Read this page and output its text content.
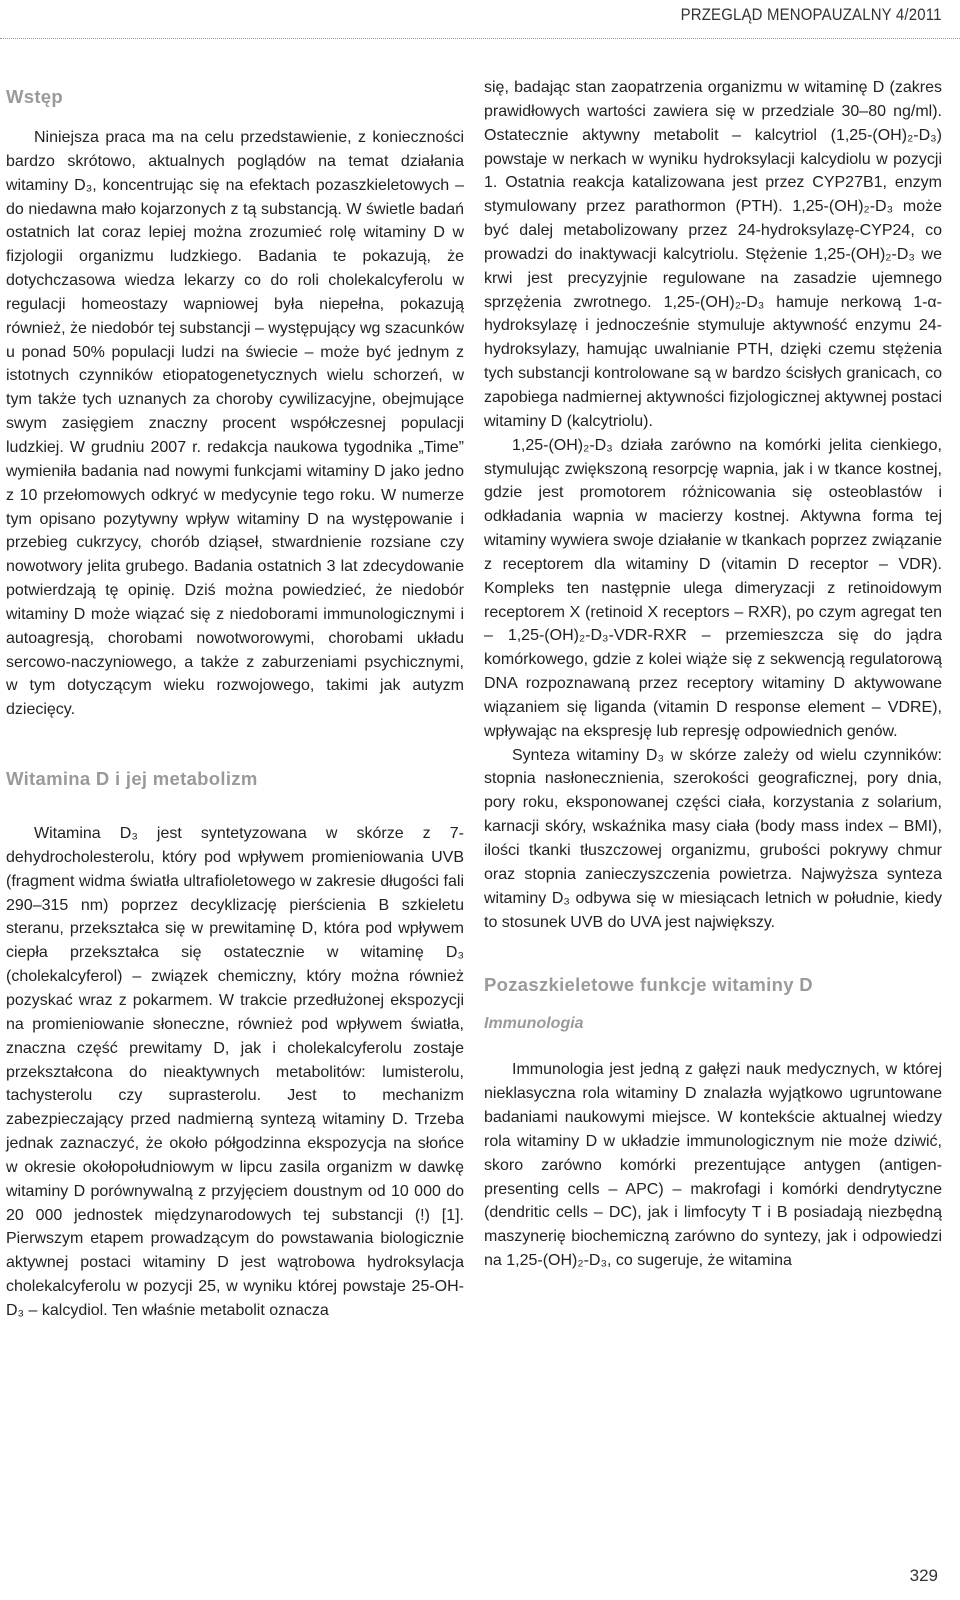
PRZEGLĄD MENOPAUZALNY 4/2011
Wstęp

Niniejsza praca ma na celu przedstawienie, z konieczności bardzo skrótowo, aktualnych poglądów na temat działania witaminy D₃, koncentrując się na efektach pozaszkieletowych – do niedawna mało kojarzonych z tą substancją. W świetle badań ostatnich lat coraz lepiej można zrozumieć rolę witaminy D w fizjologii organizmu ludzkiego. Badania te pokazują, że dotychczasowa wiedza lekarzy co do roli cholekalcyferolu w regulacji homeostazy wapniowej była niepełna, pokazują również, że niedobór tej substancji – występujący wg szacunków u ponad 50% populacji ludzi na świecie – może być jednym z istotnych czynników etiopatogenetycznych wielu schorzeń, w tym także tych uznanych za choroby cywilizacyjne, obejmujące swym zasięgiem znaczny procent współczesnej populacji ludzkiej. W grudniu 2007 r. redakcja naukowa tygodnika „Time” wymieniła badania nad nowymi funkcjami witaminy D jako jedno z 10 przełomowych odkryć w medycynie tego roku. W numerze tym opisano pozytywny wpływ witaminy D na występowanie i przebieg cukrzycy, chorób dziąseł, stwardnienie rozsiane czy nowotwory jelita grubego. Badania ostatnich 3 lat zdecydowanie potwierdzają tę opinię. Dziś można powiedzieć, że niedobór witaminy D może wiązać się z niedoborami immunologicznymi i autoagresją, chorobami nowotworowymi, chorobami układu sercowo-naczyniowego, a także z zaburzeniami psychicznymi, w tym dotyczącym wieku rozwojowego, takimi jak autyzm dziecięcy.

Witamina D i jej metabolizm

Witamina D₃ jest syntetyzowana w skórze z 7-dehydrocholesterolu, który pod wpływem promieniowania UVB (fragment widma światła ultrafioletowego w zakresie długości fali 290–315 nm) poprzez decyklizację pierścienia B szkieletu steranu, przekształca się w prewitaminę D, która pod wpływem ciepła przekształca się ostatecznie w witaminę D₃ (cholekalcyferol) – związek chemiczny, który można również pozyskać wraz z pokarmem. W trakcie przedłużonej ekspozycji na promieniowanie słoneczne, również pod wpływem światła, znaczna część prewitamy D, jak i cholekalcyferolu zostaje przekształcona do nieaktywnych metabolitów: lumisterolu, tachysterolu czy suprasterolu. Jest to mechanizm zabezpieczający przed nadmierną syntezą witaminy D. Trzeba jednak zaznaczyć, że około półgodzinna ekspozycja na słońce w okresie okołopołudniowym w lipcu zasila organizm w dawkę witaminy D porównywalną z przyjęciem doustnym od 10 000 do 20 000 jednostek międzynarodowych tej substancji (!) [1]. Pierwszym etapem prowadzącym do powstawania biologicznie aktywnej postaci witaminy D jest wątrobowa hydroksylacja cholekalcyferolu w pozycji 25, w wyniku której powstaje 25-OH-D₃ – kalcydiol. Ten właśnie metabolit oznacza

się, badając stan zaopatrzenia organizmu w witaminę D (zakres prawidłowych wartości zawiera się w przedziale 30–80 ng/ml). Ostatecznie aktywny metabolit – kalcytriol (1,25-(OH)₂-D₃) powstaje w nerkach w wyniku hydroksylacji kalcydiolu w pozycji 1. Ostatnia reakcja katalizowana jest przez CYP27B1, enzym stymulowany przez parathormon (PTH). 1,25-(OH)₂-D₃ może być dalej metabolizowany przez 24-hydroksylazę-CYP24, co prowadzi do inaktywacji kalcytriolu. Stężenie 1,25-(OH)₂-D₃ we krwi jest precyzyjnie regulowane na zasadzie ujemnego sprzężenia zwrotnego. 1,25-(OH)₂-D₃ hamuje nerkową 1-α-hydroksylazę i jednocześnie stymuluje aktywność enzymu 24-hydroksylazy, hamując uwalnianie PTH, dzięki czemu stężenia tych substancji kontrolowane są w bardzo ścisłych granicach, co zapobiega nadmiernej aktywności fizjologicznej aktywnej postaci witaminy D (kalcytriolu).

1,25-(OH)₂-D₃ działa zarówno na komórki jelita cienkiego, stymulując zwiększoną resorpcję wapnia, jak i w tkance kostnej, gdzie jest promotorem różnicowania się osteoblastów i odkładania wapnia w macierzy kostnej. Aktywna forma tej witaminy wywiera swoje działanie w tkankach poprzez związanie z receptorem dla witaminy D (vitamin D receptor – VDR). Kompleks ten następnie ulega dimeryzacji z retinoidowym receptorem X (retinoid X receptors – RXR), po czym agregat ten – 1,25-(OH)₂-D₃-VDR-RXR – przemieszcza się do jądra komórkowego, gdzie z kolei wiąże się z sekwencją regulatorową DNA rozpoznawaną przez receptory witaminy D aktywowane wiązaniem się liganda (vitamin D response element – VDRE), wpływając na ekspresję lub represję odpowiednich genów.

Synteza witaminy D₃ w skórze zależy od wielu czynników: stopnia nasłonecznienia, szerokości geograficznej, pory dnia, pory roku, eksponowanej części ciała, korzystania z solarium, karnacji skóry, wskaźnika masy ciała (body mass index – BMI), ilości tkanki tłuszczowej organizmu, grubości pokrywy chmur oraz stopnia zanieczyszczenia powietrza. Najwyższa synteza witaminy D₃ odbywa się w miesiącach letnich w południe, kiedy to stosunek UVB do UVA jest największy.

Pozaszkieletowe funkcje witaminy D
Immunologia

Immunologia jest jedną z gałęzi nauk medycznych, w której nieklasyczna rola witaminy D znalazła wyjątkowo ugruntowane badaniami naukowymi miejsce. W kontekście aktualnej wiedzy rola witaminy D w układzie immunologicznym nie może dziwić, skoro zarówno komórki prezentujące antygen (antigen-presenting cells – APC) – makrofagi i komórki dendrytyczne (dendritic cells – DC), jak i limfocyty T i B posiadają niezbędną maszynerię biochemiczną zarówno do syntezy, jak i odpowiedzi na 1,25-(OH)₂-D₃, co sugeruje, że witamina

329
